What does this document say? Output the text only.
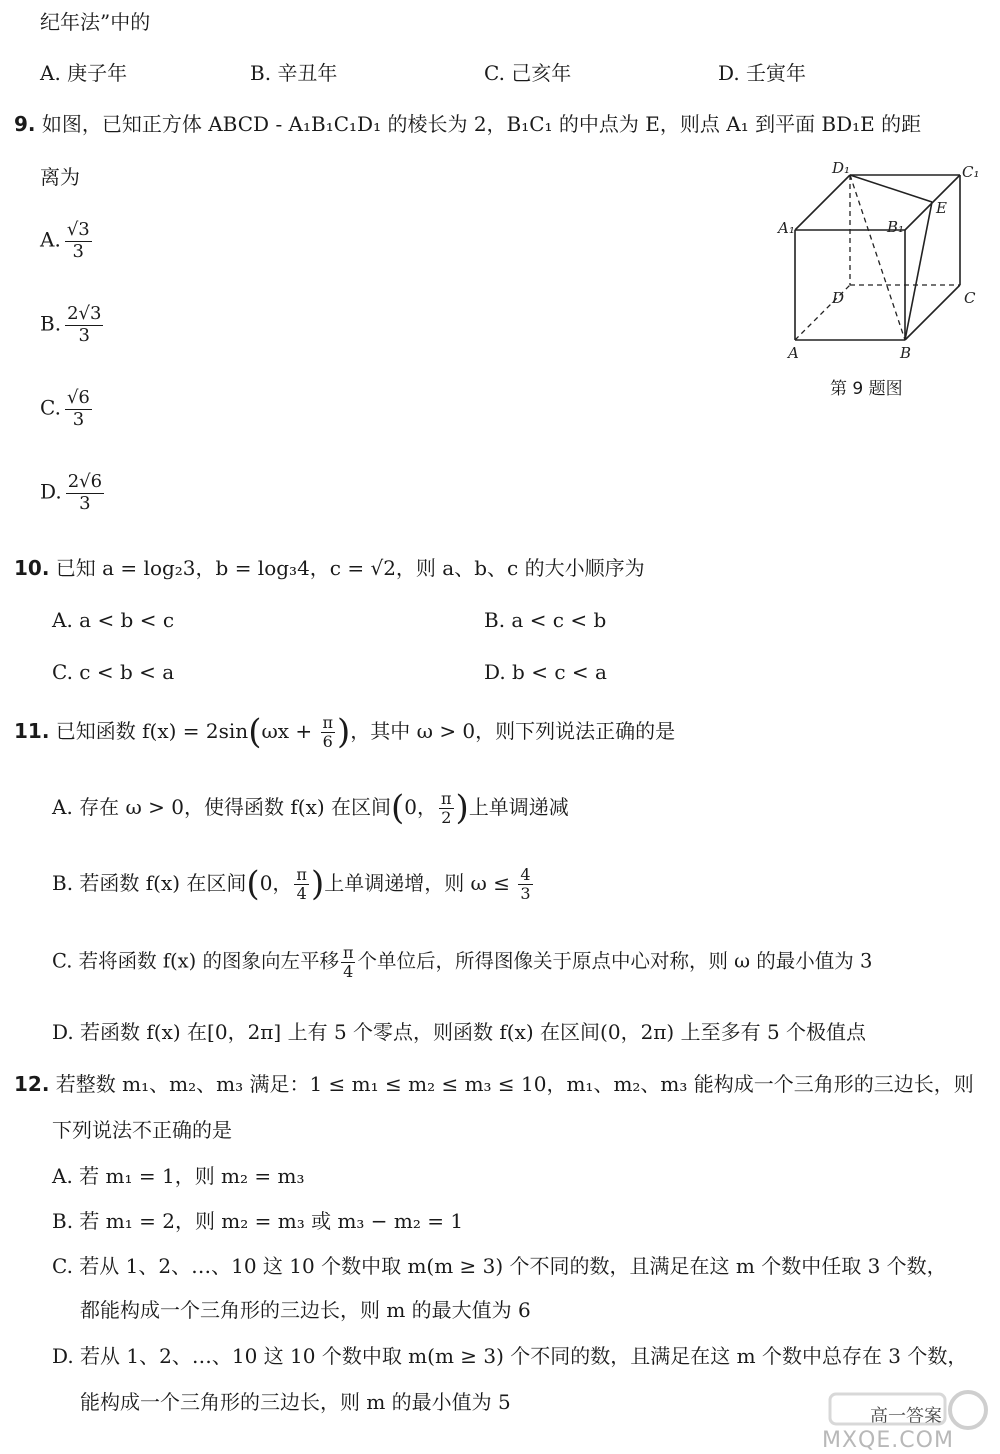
纪年法”中的
A. 庚子年	B. 辛丑年	C. 己亥年	D. 壬寅年
9. 如图，已知正方体 ABCD - A₁B₁C₁D₁ 的棱长为 2，B₁C₁ 的中点为 E，则点 A₁ 到平面 BD₁E 的距
离为
A. $\frac{√3}{3}$
B. $\frac{2√3}{3}$
C. $\frac{√6}{3}$
D. $\frac{2√6}{3}$
D₁	C₁
E
A₁	B₁
D	C
A	B
第 9 题图
10. 已知 a = log₂3，b = log₃4，c = √2，则 a、b、c 的大小顺序为
A. a < b < c	B. a < c < b
C. c < b < a	D. b < c < a
11. 已知函数 $f(x) = 2\sin(\omega x + \frac{\pi}{6}$ )，其中 ω > 0，则下列说法正确的是
A. 存在 ω > 0，使得函数 f(x) 在区间(0， $\frac{\pi}{2}$ )上单调递减
B. 若函数 f(x) 在区间(0， $\frac{\pi}{4}$ )上单调递增，则 $\omega \le \frac{4}{3}$
C. 若将函数 f(x) 的图象向左平移 $\frac{\pi}{4}$ 个单位后，所得图像关于原点中心对称，则 ω 的最小值为 3
D. 若函数 f(x) 在[0，2π] 上有 5 个零点，则函数 f(x) 在区间(0，2π) 上至多有 5 个极值点
12. 若整数 m₁、m₂、m₃ 满足：1 ≤ m₁ ≤ m₂ ≤ m₃ ≤ 10，m₁、m₂、m₃ 能构成一个三角形的三边长，则
下列说法不正确的是
A. 若 m₁ = 1，则 m₂ = m₃
B. 若 m₁ = 2，则 m₂ = m₃ 或 m₃ − m₂ = 1
C. 若从 1、2、…、10 这 10 个数中取 m(m ≥ 3) 个不同的数，且满足在这 m 个数中任取 3 个数，
都能构成一个三角形的三边长，则 m 的最大值为 6
D. 若从 1、2、…、10 这 10 个数中取 m(m ≥ 3) 个不同的数，且满足在这 m 个数中总存在 3 个数，
能构成一个三角形的三边长，则 m 的最小值为 5
高一答案
MXQE.COM
